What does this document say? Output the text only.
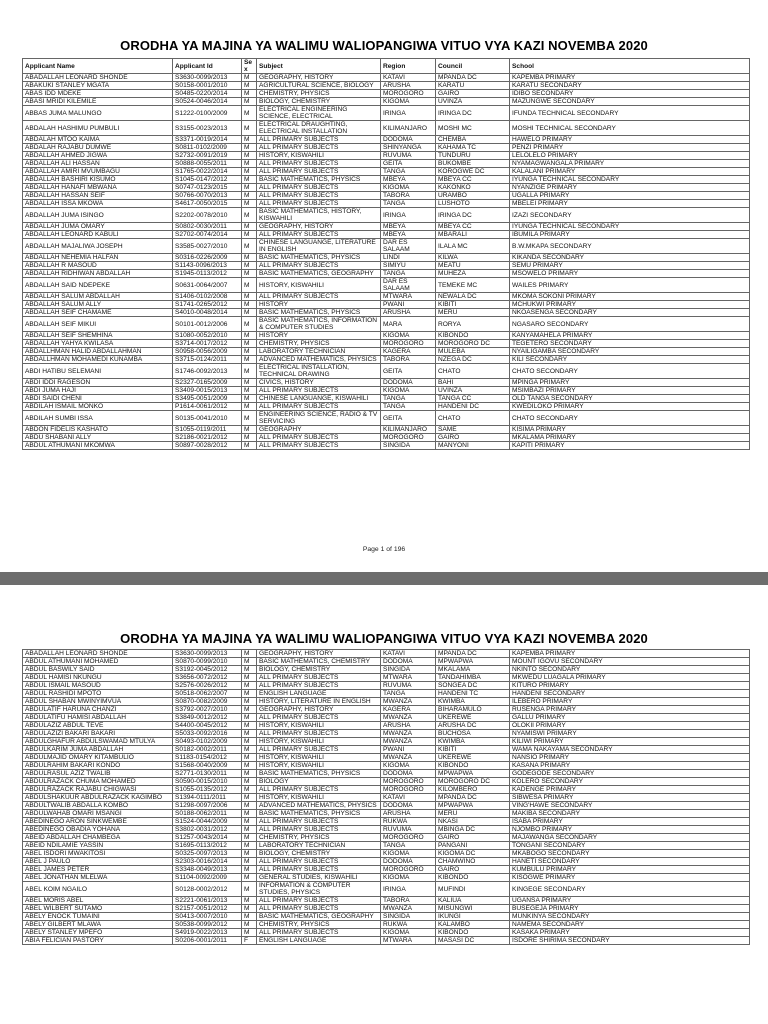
ORODHA YA MAJINA YA WALIMU WALIOPANGIWA VITUO VYA KAZI NOVEMBA 2020
Applicant Name	Applicant Id	Sex	Subject	Region	Council	School
ABADALLAH LEONARD SHONDE	S3630-0099/2013	M	GEOGRAPHY, HISTORY	KATAVI	MPANDA DC	KAPEMBA PRIMARY
ABAKUKI STANLEY MGATA	S0158-0001/2010	M	AGRICULTURAL SCIENCE, BIOLOGY	ARUSHA	KARATU	KARATU SECONDARY
ABAS IDD MDEKE	S0485-0220/2014	M	CHEMISTRY, PHYSICS	MOROGORO	GAIRO	IDIBO SECONDARY
ABASI MRIDI KILEMILE	S0524-0046/2014	M	BIOLOGY, CHEMISTRY	KIGOMA	UVINZA	MAZUNGWE SECONDARY
ABBAS JUMA MALUNGO	S1222-0100/2009	M	ELECTRICAL ENGINEERING SCIENCE, ELECTRICAL	IRINGA	IRINGA DC	IFUNDA TECHNICAL SECONDARY
ABDALAH HASHIMU PUMBULI	S3155-0023/2013	M	ELECTRICAL DRAUGHTING, ELECTRICAL INSTALLATION	KILIMANJARO	MOSHI MC	MOSHI TECHNICAL SECONDARY
ABDALAH MTOO KAIMA	S3371-0019/2014	M	ALL PRIMARY SUBJECTS	DODOMA	CHEMBA	HAWELO PRIMARY
ABDALAH RAJABU DUMWE	S0811-0102/2009	M	ALL PRIMARY SUBJECTS	SHINYANGA	KAHAMA TC	PENZI PRIMARY
ABDALLAH AHMED JIGWA	S2732-0091/2019	M	HISTORY, KISWAHILI	RUVUMA	TUNDURU	LELOLELO PRIMARY
ABDALLAH ALI HASSAN	S0888-0055/2011	M	ALL PRIMARY SUBJECTS	GEITA	BUKOMBE	NYAMAGWANGALA PRIMARY
ABDALLAH AMIRI MVUMBAGU	S1765-0022/2014	M	ALL PRIMARY SUBJECTS	TANGA	KOROGWE DC	KALALANI PRIMARY
ABDALLAH BASHIRI KISUMO	S1045-0147/2012	M	BASIC MATHEMATICS, PHYSICS	MBEYA	MBEYA CC	IYUNGA TECHNICAL SECONDARY
ABDALLAH HANAFI MBWANA	S0747-0123/2015	M	ALL PRIMARY SUBJECTS	KIGOMA	KAKONKO	NYANZIGE PRIMARY
ABDALLAH HASSAN SEIF	S0766-0070/2013	M	ALL PRIMARY SUBJECTS	TABORA	URAMBO	UGALLA PRIMARY
ABDALLAH ISSA MKOWA	S4617-0050/2015	M	ALL PRIMARY SUBJECTS	TANGA	LUSHOTO	MBELEI PRIMARY
ABDALLAH JUMA ISINGO	S2202-0078/2010	M	BASIC MATHEMATICS, HISTORY, KISWAHILI	IRINGA	IRINGA DC	IZAZI SECONDARY
ABDALLAH JUMA OMARY	S0802-0030/2011	M	GEOGRAPHY, HISTORY	MBEYA	MBEYA CC	IYUNGA TECHNICAL SECONDARY
ABDALLAH LEONARD KABULI	S2702-0074/2014	M	ALL PRIMARY SUBJECTS	MBEYA	MBARALI	IBUMILA PRIMARY
ABDALLAH MAJALIWA JOSEPH	S3585-0027/2010	M	CHINESE LANGUANGE, LITERATURE IN ENGLISH	DAR ES SALAAM	ILALA MC	B.W.MKAPA SECONDARY
ABDALLAH NEHEMIA HALFAN	S0316-0226/2009	M	BASIC MATHEMATICS, PHYSICS	LINDI	KILWA	KIKANDA SECONDARY
ABDALLAH R MASOUD	S1143-0096/2013	M	ALL PRIMARY SUBJECTS	SIMIYU	MEATU	SEMU PRIMARY
ABDALLAH RIDHIWAN ABDALLAH	S1945-0113/2012	M	BASIC MATHEMATICS, GEOGRAPHY	TANGA	MUHEZA	MSOWELO PRIMARY
ABDALLAH SAID NDEPEKE	S0631-0064/2007	M	HISTORY, KISWAHILI	DAR ES SALAAM	TEMEKE MC	WAILES PRIMARY
ABDALLAH SALUM ABDALLAH	S1406-0102/2008	M	ALL PRIMARY SUBJECTS	MTWARA	NEWALA DC	MKOMA SOKONI PRIMARY
ABDALLAH SALUM ALLY	S1741-0265/2012	M	HISTORY	PWANI	KIBITI	MCHUKWI PRIMARY
ABDALLAH SEIF CHAMAME	S4010-0048/2014	M	BASIC MATHEMATICS, PHYSICS	ARUSHA	MERU	NKOASENGA SECONDARY
ABDALLAH SEIF MIKUI	S0101-0012/2006	M	BASIC MATHEMATICS, INFORMATION & COMPUTER STUDIES	MARA	RORYA	NGASARO SECONDARY
ABDALLAH SEIF SHEMHINA	S1080-0052/2010	M	HISTORY	KIGOMA	KIBONDO	KANYAMAHELA PRIMARY
ABDALLAH YAHYA KWILASA	S3714-0017/2012	M	CHEMISTRY, PHYSICS	MOROGORO	MOROGORO DC	TEGETERO SECONDARY
ABDALLHMAN HALID ABDALLAHMAN	S0958-0056/2009	M	LABORATORY TECHNICIAN	KAGERA	MULEBA	NYAILIGAMBA SECONDARY
ABDALLHMAN MOHAMEDI KUNAMBA	S3715-0124/2011	M	ADVANCED MATHEMATICS, PHYSICS	TABORA	NZEGA DC	KILI SECONDARY
ABDI HATIBU SELEMANI	S1746-0092/2013	M	ELECTRICAL INSTALLATION, TECHNICAL DRAWING	GEITA	CHATO	CHATO SECONDARY
ABDI IDDI RAGESON	S2327-0165/2009	M	CIVICS, HISTORY	DODOMA	BAHI	MPINGA PRIMARY
ABDI JUMA HAJI	S3409-0015/2013	M	ALL PRIMARY SUBJECTS	KIGOMA	UVINZA	MSIMBAZI PRIMARY
ABDI SAIDI CHENI	S3495-0051/2009	M	CHINESE LANGUANGE, KISWAHILI	TANGA	TANGA CC	OLD TANGA SECONDARY
ABDILAH ISMAIL MONKO	P1614-0061/2012	M	ALL PRIMARY SUBJECTS	TANGA	HANDENI DC	KWEDILOKO PRIMARY
ABDILAH SUMBI ISSA	S0135-0041/2010	M	ENGINEERING SCIENCE, RADIO & TV SERVICING	GEITA	CHATO	CHATO SECONDARY
ABDON FIDELIS KASHATO	S1055-0119/2011	M	GEOGRAPHY	KILIMANJARO	SAME	KISIMA PRIMARY
ABDU SHABANI ALLY	S2186-0021/2012	M	ALL PRIMARY SUBJECTS	MOROGORO	GAIRO	MKALAMA PRIMARY
ABDUL ATHUMANI MKOMWA	S0897-0028/2012	M	ALL PRIMARY SUBJECTS	SINGIDA	MANYONI	KAPITI PRIMARY
Page 1 of 196
ORODHA YA MAJINA YA WALIMU WALIOPANGIWA VITUO VYA KAZI NOVEMBA 2020
ABADALLAH LEONARD SHONDE	S3630-0099/2013	M	GEOGRAPHY, HISTORY	KATAVI	MPANDA DC	KAPEMBA PRIMARY
ABDUL ATHUMANI MOHAMED	S0870-0099/2010	M	BASIC MATHEMATICS, CHEMISTRY	DODOMA	MPWAPWA	MOUNT IGOVU SECONDARY
ABDUL BASWILY SAID	S3192-0045/2012	M	BIOLOGY, CHEMISTRY	SINGIDA	MKALAMA	NKINTO SECONDARY
ABDUL HAMISI NKUNGU	S3656-0072/2012	M	ALL PRIMARY SUBJECTS	MTWARA	TANDAHIMBA	MKWEDU LUAGALA PRIMARY
ABDUL ISMAIL MASOUD	S2576-0026/2012	M	ALL PRIMARY SUBJECTS	RUVUMA	SONGEA DC	KITURO PRIMARY
ABDUL RASHIDI MPOTO	S0518-0062/2007	M	ENGLISH LANGUAGE	TANGA	HANDENI TC	HANDENI SECONDARY
ABDUL SHABAN MWINYIMVUA	S0870-0082/2009	M	HISTORY, LITERATURE IN ENGLISH	MWANZA	KWIMBA	ILEBERO PRIMARY
ABDULATIF HARUNA CHANZI	S3792-0027/2010	M	GEOGRAPHY, HISTORY	KAGERA	BIHARAMULO	RUSENGA PRIMARY
ABDULATIFU HAMISI ABDALLAH	S3849-0012/2012	M	ALL PRIMARY SUBJECTS	MWANZA	UKEREWE	GALLU PRIMARY
ABDULAZIZ ABDUL TEVE	S4400-0045/2012	M	HISTORY, KISWAHILI	ARUSHA	ARUSHA DC	OLOKII PRIMARY
ABDULAZIZI BAKARI BAKARI	S5033-0092/2016	M	ALL PRIMARY SUBJECTS	MWANZA	BUCHOSA	NYAMISWI PRIMARY
ABDULGHAFUR ABDULSWAMAD MTULYA	S0493-0102/2009	M	HISTORY, KISWAHILI	MWANZA	KWIMBA	KILIWI PRIMARY
ABDULKARIM JUMA ABDALLAH	S0182-0002/2011	M	ALL PRIMARY SUBJECTS	PWANI	KIBITI	WAMA NAKAYAMA SECONDARY
ABDULMAJID OMARY KITAMBULIO	S1183-0154/2012	M	HISTORY, KISWAHILI	MWANZA	UKEREWE	NANSIO PRIMARY
ABDULRAHIM BAKARI KONDO	S1568-0040/2009	M	HISTORY, KISWAHILI	KIGOMA	KIBONDO	KASANA PRIMARY
ABDULRASUL AZIZ TWALIB	S2771-0130/2011	M	BASIC MATHEMATICS, PHYSICS	DODOMA	MPWAPWA	GODEGODE SECONDARY
ABDULRAZACK CHUMA MOHAMED	S0590-0015/2010	M	BIOLOGY	MOROGORO	MOROGORO DC	KOLERO SECONDARY
ABDULRAZACK RAJABU CHIGWASI	S1055-0135/2012	M	ALL PRIMARY SUBJECTS	MOROGORO	KILOMBERO	KADENGE PRIMARY
ABDULSHAKUUR ABDULRAZACK KAGIMBO	S1394-0111/2011	M	HISTORY, KISWAHILI	KATAVI	MPANDA DC	SIBWESA PRIMARY
ABDULTWALIB ABDALLA KOMBO	S1298-0097/2006	M	ADVANCED MATHEMATICS, PHYSICS	DODOMA	MPWAPWA	VING'HAWE SECONDARY
ABDULWAHAB OMARI MSANGI	S0188-0062/2011	M	BASIC MATHEMATICS, PHYSICS	ARUSHA	MERU	MAKIBA SECONDARY
ABEDINEGO ARON SINKWEMBE	S1524-0044/2009	M	ALL PRIMARY SUBJECTS	RUKWA	NKASI	ISABA PRIMARY
ABEDINEGO OBADIA YOHANA	S3802-0031/2012	M	ALL PRIMARY SUBJECTS	RUVUMA	MBINGA DC	NJOMBO PRIMARY
ABEID ABDALLAH CHAMBEGA	S1257-0043/2014	M	CHEMISTRY, PHYSICS	MOROGORO	GAIRO	MAJAWANGA SECONDARY
ABEID NDILAMIE YASSIN	S1695-0113/2012	M	LABORATORY TECHNICIAN	TANGA	PANGANI	TONGANI SECONDARY
ABEL ISDORI MWAKITOSI	S0325-0097/2013	M	BIOLOGY, CHEMISTRY	KIGOMA	KIGOMA DC	MKABOGO SECONDARY
ABEL J PAULO	S2303-0016/2014	M	ALL PRIMARY SUBJECTS	DODOMA	CHAMWINO	HANETI SECONDARY
ABEL JAMES PETER	S3348-0049/2013	M	ALL PRIMARY SUBJECTS	MOROGORO	GAIRO	KUMBULU PRIMARY
ABEL JONATHAN MLELWA	S1104-0092/2009	M	GENERAL STUDIES, KISWAHILI	KIGOMA	KIBONDO	KISOGWE PRIMARY
ABEL KOIM NGAILO	S0128-0002/2012	M	INFORMATION & COMPUTER STUDIES, PHYSICS	IRINGA	MUFINDI	KINGEGE SECONDARY
ABEL MORIS ABEL	S2221-0061/2013	M	ALL PRIMARY SUBJECTS	TABORA	KALIUA	UGANSA PRIMARY
ABEL WILBERT SUTAMO	S2157-0051/2012	M	ALL PRIMARY SUBJECTS	MWANZA	MISUNGWI	BUSEGEJA PRIMARY
ABELY ENOCK TUMAINI	S0413-0007/2010	M	BASIC MATHEMATICS, GEOGRAPHY	SINGIDA	IKUNGI	MUNKINYA SECONDARY
ABELY GILBERT MLAWA	S0538-0099/2012	M	CHEMISTRY, PHYSICS	RUKWA	KALAMBO	NAMEMA SECONDARY
ABELY STANLEY MPEFO	S4919-0022/2013	M	ALL PRIMARY SUBJECTS	KIGOMA	KIBONDO	KASAKA PRIMARY
ABIA FELICIAN PASTORY	S0206-0001/2011	F	ENGLISH LANGUAGE	MTWARA	MASASI DC	ISDORE SHIRIMA SECONDARY
